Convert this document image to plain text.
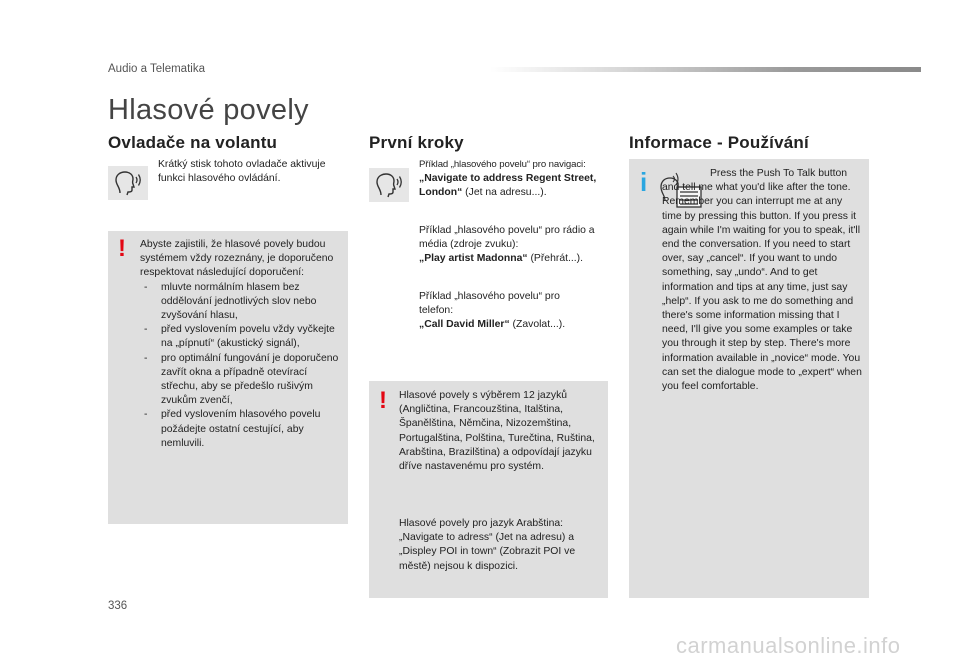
Audio a Telematika
Hlasové povely
Ovladače na volantu
Krátký stisk tohoto ovladače aktivuje funkci hlasového ovládání.
! Abyste zajistili, že hlasové povely budou systémem vždy rozeznány, je doporučeno respektovat následující doporučení:
- mluvte normálním hlasem bez oddělování jednotlivých slov nebo zvyšování hlasu,
- před vyslovením povelu vždy vyčkejte na „pípnutí“ (akustický signál),
- pro optimální fungování je doporučeno zavřít okna a případně otevírací střechu, aby se předešlo rušivým zvukům zvenčí,
- před vyslovením hlasového povelu požádejte ostatní cestující, aby nemluvili.
První kroky
Příklad „hlasového povelu“ pro navigaci:
„Navigate to address Regent Street, London“ (Jet na adresu...).
Příklad „hlasového povelu“ pro rádio a média (zdroje zvuku):
„Play artist Madonna“ (Přehrát...).
Příklad „hlasového povelu“ pro telefon:
„Call David Miller“ (Zavolat...).
! Hlasové povely s výběrem 12 jazyků (Angličtina, Francouzština, Italština, Španělština, Němčina, Nizozemština, Portugalština, Polština, Turečtina, Ruština, Arabština, Brazilština) a odpovídají jazyku dříve nastavenému pro systém.
Hlasové povely pro jazyk Arabština: „Navigate to adress“ (Jet na adresu) a „Displey POI in town“ (Zobrazit POI ve městě) nejsou k dispozici.
Informace - Používání
i	Press the Push To Talk button and tell me what you'd like after the tone. Remember you can interrupt me at any time by pressing this button. If you press it again while I'm waiting for you to speak, it'll end the conversation. If you need to start over, say „cancel“. If you want to undo something, say „undo“. And to get information and tips at any time, just say „help“. If you ask to me do something and there's some information missing that I need, I'll give you some examples or take you through it step by step. There's more information available in „novice“ mode. You can set the dialogue mode to „expert“ when you feel comfortable.
336
carmanualsonline.info
